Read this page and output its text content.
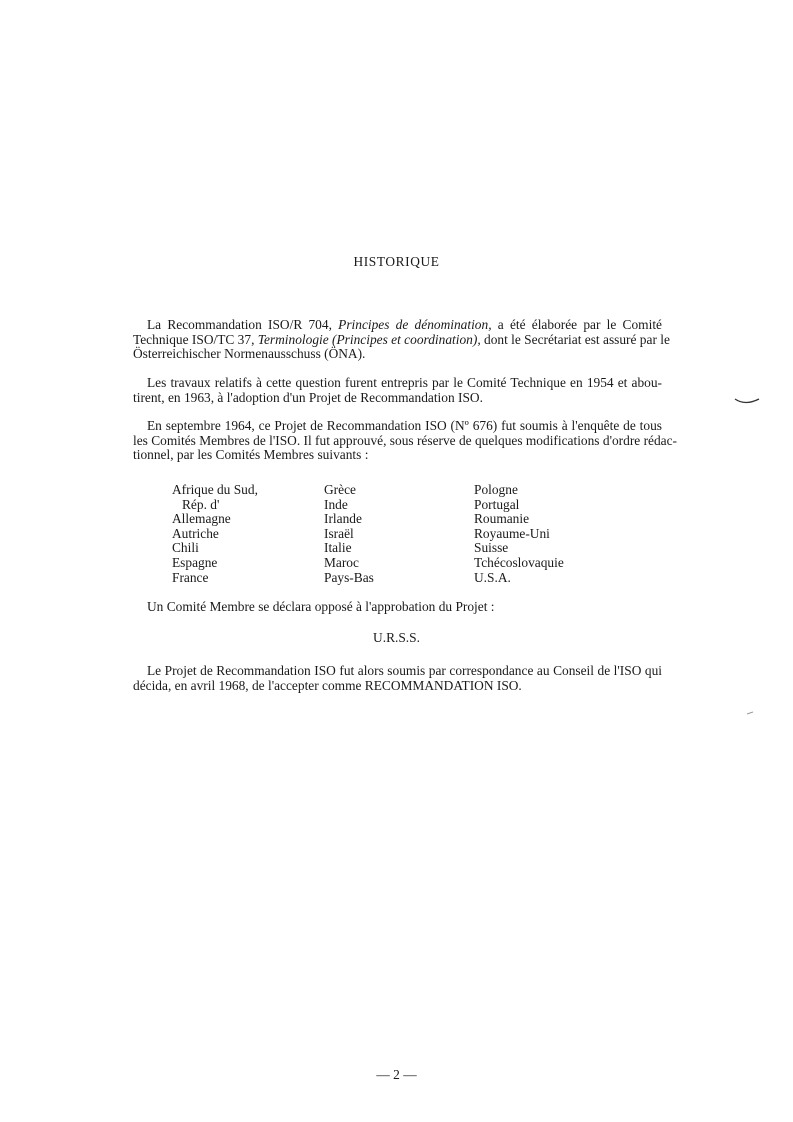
HISTORIQUE
La Recommandation ISO/R 704, Principes de dénomination, a été élaborée par le Comité
Technique ISO/TC 37, Terminologie (Principes et coordination), dont le Secrétariat est assuré par le
Österreichischer Normenausschuss (ÖNA).
Les travaux relatifs à cette question furent entrepris par le Comité Technique en 1954 et abou-
tirent, en 1963, à l'adoption d'un Projet de Recommandation ISO.
En septembre 1964, ce Projet de Recommandation ISO (Nº 676) fut soumis à l'enquête de tous
les Comités Membres de l'ISO. Il fut approuvé, sous réserve de quelques modifications d'ordre rédac-
tionnel, par les Comités Membres suivants :
Afrique du Sud,
Rép. d'
Allemagne
Autriche
Chili
Espagne
France
Grèce
Inde
Irlande
Israël
Italie
Maroc
Pays-Bas
Pologne
Portugal
Roumanie
Royaume-Uni
Suisse
Tchécoslovaquie
U.S.A.
Un Comité Membre se déclara opposé à l'approbation du Projet :
U.R.S.S.
Le Projet de Recommandation ISO fut alors soumis par correspondance au Conseil de l'ISO qui
décida, en avril 1968, de l'accepter comme RECOMMANDATION ISO.
— 2 —
